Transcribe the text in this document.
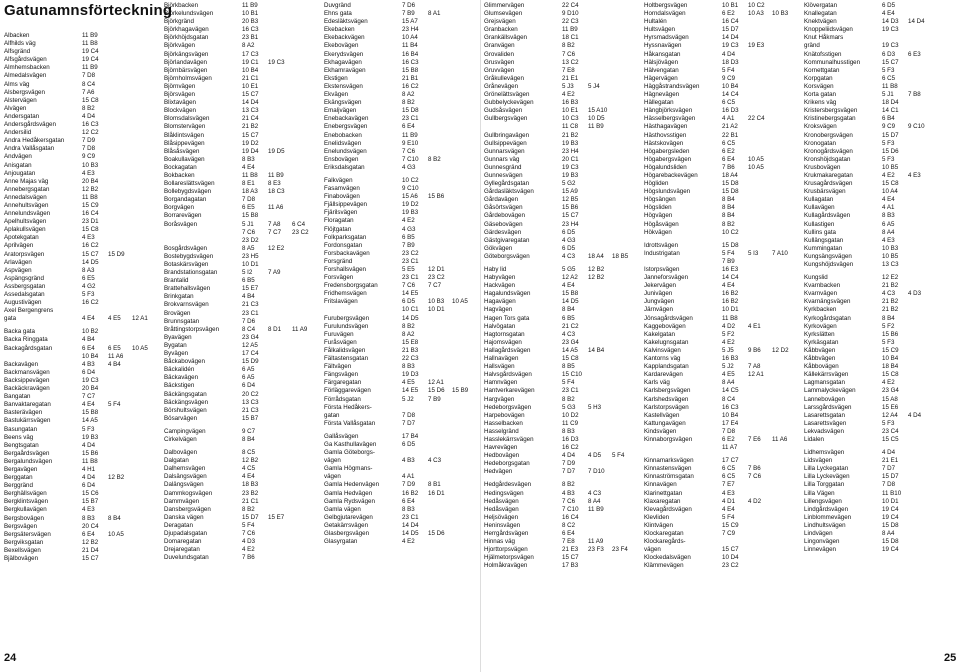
Gatunamnsförteckning
Albacken	11 B9
Alfhilds väg	11 B8
Alfsgränd	19 C4
Alfsgårdsvägen	19 C4
Almhemsbacken	11 B9
Almedalsvägen	7 D8
Alms väg	8 C4
Alsbergsvägen	7 A6
Alstervägen	15 C8
Alvägen	8 B2
Andersgatan	4 D4
Andersgårdsvägen	16 C3
Andersilid	12 C2
Andra Hedåkersgatan	7 D9
Andra Vallåsgatan	7 D8
Andvägen	9 C9
Anisgatan	10 B3
Anjougatan	4 E3
Anne Majas väg	20 B4
Annebergsgatan	12 B2
Annedalsvägen	11 B8
Annehultsvägen	15 C9
Annelundsvägen	16 C4
Apelhultsvägen	23 D1
Aplakullsvägen	15 C8
Apotekgatan	4 E3
Aprilvägen	16 C2
Aratorpsvägen	15 C7 15 D9
Arlavägen	14 D5
Aspvägen	8 A3
Aspängsgränd	6 E5
Assbergsgatan	4 G2
Assedalsgatan	5 F3
Augustivägen	16 C2
Axel Bergengrens
gata	4 E4 4 E5 12 A1
Backa gata	10 B2
Backa Ringgata	4 B4
Backagårdsgatan	6 E4 6 E5 10 A5
10 B4 11 A6
Backavägen	4 B3 4 B4
Backmansvägen	6 D4
Backsippevägen	19 C3
Backäckravägen	20 B4
Bangatan	7 C7
Banvaktaregatan	4 E4 5 F4
Basterävägen	15 B8
Bastukärrsvägen	14 A5
Basungatan	5 F3
Beens väg	19 B3
Bengtsgatan	4 D4
Bergaårdsvägen	15 B6
Bergalundsvägen	11 B8
Bergavägen	4 H1
Berggatan	4 D4 12 B2
Berggränd	6 D4
Berghällsvägen	15 C6
Bergklintsvägen	15 B7
Bergkullavägen	4 E3
Bergsbovägen	8 B3 8 B4
Bergsvägen	20 C4
Bergsätersvägen	6 E4 10 A5
Bergviksgatan	12 B2
Bexellsvägen	21 D4
Bjälbovägen	15 C7
Björkbacken	11 B9
Björkelundsvägen	10 B1
Björkgränd	20 B3
Björkhagavägen	16 C3
Björkhöjdsgatan	23 B1
Björkvägen	8 A2
Björkängsvägen	17 C3
Björlandavägen	19 C1 19 C3
Björnbärsvägen	10 B4
Björnholmsvägen	21 C1
Björnvägen	10 E1
Björsvägen	15 C7
Blixtavägen	14 D4
Blockvägen	13 C3
Blomsdalsvägen	21 C4
Blomstervägen	21 B2
Blåklintsvägen	15 C7
Blåsippevägen	19 D2
Blåsåsvägen	19 D4 19 D5
Boakullavägen	8 B3
Bockagatan	4 E4
Bokbacken	11 B8 11 B9
Bollareslättsvägen	8 E1 8 E3
Bollebygdsvägen	18 A3 18 C3
Borgandagatan	7 D8
Borgvägen	6 E5 11 A6
Borrarevägen	15 B8
Boråsvägen	5 J1 7 A8 6 C4
7 C6 7 C7 23 C2
23 D2
Bosgårdsvägen	8 A5 12 E2
Bostebygdsvägen	23 H5
Botaskärsvägen	10 D1
Brandstationsgatan	5 I2	7 A9
Brantalid	6 B5
Brattehallsvägen	15 E7
Brinkgatan	4 B4
Brokvarnsvägen	21 C3
Brovägen	23 C1
Brunnsgatan	7 D6
Bråttingstorpsvägen	8 C4 8 D1 11 A9
Byavägen	23 G4
Bygatan	12 A5
Byvägen	17 C4
Båckabovägen	15 D9
Bäckalidén	6 A5
Bäckavägen	6 A5
Bäckstigen	6 D4
Bäckängsgatan	20 C2
Bäckängsvägen	13 C3
Börshultsvägen	21 C3
Bösarvägen	15 B7
Campingvägen	9 C7
Cirkelvägen	8 B4
Dalbovägen	8 C5
Dalgatan	12 B2
Dalhemsvägen	4 C5
Dalsängsvägen	4 E4
Dalängsvägen	18 B3
Dammkogsvägen	23 B2
Dammvägen	21 C1
Dansbergsvägen	8 B2
Danska vägen	15 D7 15 E7
Deragatan	5 F4
Djupadalsgatan	7 C6
Domaregatan	4 D3
Drejaregatan	4 E2
Duvelundsgatan	7 B6
Duvgränd	7 D6
Ehns gata	7 B9 8 A1
Edesläktsvägen	15 A7
Ekebacken	23 H4
Ekebackvägen	10 A4
Ekebovägen	11 B4
Ekerydsvägen	16 B4
Ekhagavägen	16 C3
Ekhamravägen	15 B8
Ekstigen	21 B1
Ekstensvägen	16 C2
Ekvägen	8 A2
Ekängsvägen	8 B2
Emaljvägen	15 D8
Enebackavägen	23 C1
Enebergsvägen	6 E4
Enebobacken	11 B9
Enelidsvägen	9 E10
Enelundsvägen	7 C6
Ensbovägen	7 C10 8 B2
Eriksdalsgatan	4 G3
Falkvägen	10 C2
Fasamvägen	9 C10
Finabovägen	15 A6 15 B6
Fjällsippevägen	19 D2
Fjärilsvägen	19 B3
Floragatan	4 E2
Flöjtgatan	4 G3
Folkparksgatan	6 B5
Fordonsgatan	7 B9
Forsbackavägen	23 C2
Forsgränd	23 C1
Forshallsvägen	5 E5 12 D1
Forsvägen	23 C1 23 C2
Fredensborgsgatan	7 C6 7 C7
Fridhemsvägen	14 E5
Fritslavägen	6 D5 10 B3 10 A5
10 C1 10 D1
Furubergsvägen	14 D5
Furulundsvägen	8 B2
Furuvägen	8 A2
Furåsvägen	15 E8
Fålkalidsvägen	21 B3
Fältastensgatan	22 C3
Fältvägen	8 B3
Fängsvägen	19 D3
Färgaregatan	4 E5 12 A1
Förläggarevägen	14 E5 15 D6 15 B9
Förrådsgatan	5 J2 7 B9
Första Hedåkers-
gatan	7 D8
Första Vallåsgatan	7 D7
Gallåsvägen	17 B4
Ga Kasthullavägen	6 D5
Gamla Göteborgs-
vägen	4 B3 4 C3
Gamla Högmans-
vägen	4 A1
Gamla Hedenvägen	7 D9 8 B1
Gamla Hedvägen	16 B2 16 D1
Gamla Rydsvägen	6 E4
Gamla vägen	8 B3
Gelbgjutarevägen	23 C1
Getakärrsvägen	14 D4
Glasbergsvägen	14 D5 15 D6
Glasyrgatan	4 E2
Glimmervägen	22 C4
Glumsevägen	9 D10
Grejsvägen	22 C3
Granbacken	11 B9
Grankällsvägen	18 C1
Granvägen	8 B2
Grovaliden	7 C6
Grusvägen	13 C2
Gruvvägen	7 E8
Gråkullevägen	21 E1
Grånevägen	5 J3 5 J4
Grönelättsvägen	4 E2
Gubbelyckevägen	16 B3
Gudsåsvägen	10 E1 15 A10
Gullbergsvägen	10 C3 10 D5
11 C8 11 B9
Gullbringavägen	21 B2
Gullsippevägen	19 B3
Gunnarsvägen	23 H4
Gunnars väg	20 C1
Gunnesgränd	19 C3
Gunnesvägen	19 B3
Gyllegårdsgatan	5 G2
Gårdasläktsvägen	15 A9
Gårdavägen	12 B5
Gåsörtsvägen	15 B6
Gårdebovägen	15 C7
Gäsebovägen	23 H4
Gärdesvägen	6 D5
Gästgivaregatan	4 G3
Gökvägen	6 D5
Göteborgsvägen	4 C3 18 A4 18 B5
Haby lid	5 G5 12 B2
Habyvägen	12 A2 12 B2
Hackvägen	4 E4
Hagalundsvägen	15 B8
Hagavägen	14 D5
Hagvägen	8 B4
Hagen Tors gata	6 B5
Halvögatan	21 C2
Hagtornsgatan	4 C3
Hajomsvägen	23 G4
Hallagårdsvägen	14 A5 14 B4
Hallnavägen	15 C8
Hallsvägen	8 B5
Halvsgårdsvägen	15 C10
Hamnvägen	5 F4
Hantverkarevägen	23 C1
Hargvägen	8 B2
Hedeborgsvägen	5 G3 5 H3
Harpebovägen	10 D2
Hasselbacken	11 C9
Hasselgränd	8 B3
Hasslekärrsvägen	16 D3
Havrevägen	16 C2
Hedbovägen	4 D4 4 D5 5 F4
Hedeborgsgatan	7 D9
Hedvägen	7 D7 7 D10
Hedgårdesvägen	8 B2
Hedingsvägen	4 B3 4 C3
Hedåsvägen	7 C6 8 A4
Hedåsvägen	7 C10 11 B9
Heljsövägen	16 C4
Heninsvägen	8 C2
Herrgårdsvägen	6 E4
Hinnas väg	7 E8 11 A9
Hjorttorpsvägen	21 E3 23 F3 23 F4
Hjälmetorpsvägen	15 C7
Holmåkravägen	17 B3
Holtbergsvägen	10 B1 10 C2
Horndalsvägen	6 E2 10 A3 10 B3
Hultalén	16 C4
Hultsvägen	15 D7
Hyrsmadsvägen	14 D4
Hyssnavägen	19 C3 19 E3
Håkansgatan	4 D4
Hälsjövägen	18 D3
Hälvengatan	5 F4
Hägervägen	9 C9
Häggåstrandsvägen	10 B4
Hägnevägen	14 C4
Hällegatan	6 C5
Hängbjörksvägen	16 D3
Hässelbergsvägen	4 A1 22 C4
Hästhagavägen	21 A2
Hästhovsstigen	22 B1
Hästskovägen	6 C5
Högabergsleden	6 E2
Högabergsvägen	6 E4 10 A5
Högalundsliden	7 B6 10 A5
Högarebackevägen	18 A4
Högliden	15 D8
Högslundsvägen	15 D8
Högsängen	8 B4
Högsliden	8 B4
Högvägen	8 B4
Högåsvägen	8 B2
Hökvägen	10 C2
Idrottsvägen	15 D8
Industrigatan	5 F4 5 I3 7 A10
7 B9
Istorpsvägen	16 E3
Janneforsvägen	14 C4
Jekervägen	4 E4
Junivägen	16 B2
Jungvägen	16 B2
Järnvägen	10 D1
Jönsagårdsvägen	11 B8
Kaggebovägen	4 D2 4 E1
Kakelgatan	5 F2
Kakelugnsgatan	4 E2
Kalvinsvägen	5 J5 9 B6 12 D2
Kantorns väg	16 B3
Kapplandsgatan	5 J2 7 A8
Kardarevägen	4 E5 12 A1
Karls väg	8 A4
Karlsbergsvägen	14 C5
Karlshedsvägen	8 C4
Karlstorpsvägen	16 C3
Kastellvägen	10 B4
Kattungavägen	17 E4
Kindsvägen	7 D8
Kinnaborgsvägen	6 E2 7 E6 11 A6
11 A7
Kinnamarksvägen	17 C7
Kinnastensvägen	6 C5 7 B6
Kinnaströmsgatan	6 C5 7 C6
Kinnavägen	7 E7
Klarinettgatan	4 E3
Klaxaregatan	4 D1 4 D2
Klevagårdsvägen	4 E4
Klevliden	5 F4
Klintvägen	15 C9
Klockaregatan	7 C9
Klockaregårds-
vägen	15 C7
Klockedalsvägen	10 D4
Klämmevägen	23 C2
Klövergatan	6 D5
Knallegatan	4 E4
Knektvägen	14 D3 14 D4
Knoppeliidsvägen	19 C3
Knut Håkmars
gränd	19 C3
Knätofsstigen	6 D3 6 E3
Kommunalhusstigen	15 C7
Kornettgatan	5 F3
Korpgatan	6 C5
Korsvägen	11 B8
Korta gatan	5 J1 7 B8
Krikens väg	18 D4
Kristersbergsvägen	14 C1
Kristinebergsgatan	6 B4
Kroksvägen	9 C9 9 C10
Kronobergsvägen	15 D7
Kronogatan	5 F3
Kronogårdsvägen	15 D6
Kronshöjdsgatan	5 F3
Krusbovägen	10 B5
Krukmakaregatan	4 E2 4 E3
Krusagårdsvägen	15 C8
Krusbärsvägen	10 A4
Kullagatan	4 E4
Kullavägen	4 A1
Kullagårdsvägen	8 B3
Kullastigen	6 A5
Kullins gata	8 A4
Kullängsgatan	4 E3
Kummingatan	10 B3
Kungsängsvägen	10 B5
Kungshöjdsvägen	13 C3
Kungslid	12 E2
Kvarnbacken	21 B2
Kvarnvägen	4 C3 4 D3
Kvarnängsvägen	21 B2
Kyrkbacken	21 B2
Kyrkogårdsgatan	8 B4
Kyrkovägen	5 F2
Kyrkslätten	15 B6
Kyrkäsgatan	5 F3
Kåbbvägen	15 C9
Kåbbvägen	10 B4
Kåbbovägen	18 B4
Källekärrsvägen	15 C8
Lagmansgatan	4 E2
Lammalyckevägen	23 G4
Lannebovägen	15 A8
Larssgårdsvägen	15 E6
Lasarettsgatan	12 A4 4 D4
Lasarettsvägen	5 F3
Lekvadsvägen	23 C4
Lidalen	15 C5
Lidhemsvägen	4 D4
Lidsvägen	21 E1
Lilla Lyckegatan	7 D7
Lilla Lyckevägen	15 D7
Lilla Torggatan	7 D8
Lilla Vägen	11 B10
Lillengsvägen	10 D1
Lindgårdsvägen	19 C4
Linblommevägen	19 C4
Lindhultsvägen	15 D8
Lindvägen	8 A4
Lingonvägen	15 D8
Linnevägen	19 C4
24	25
